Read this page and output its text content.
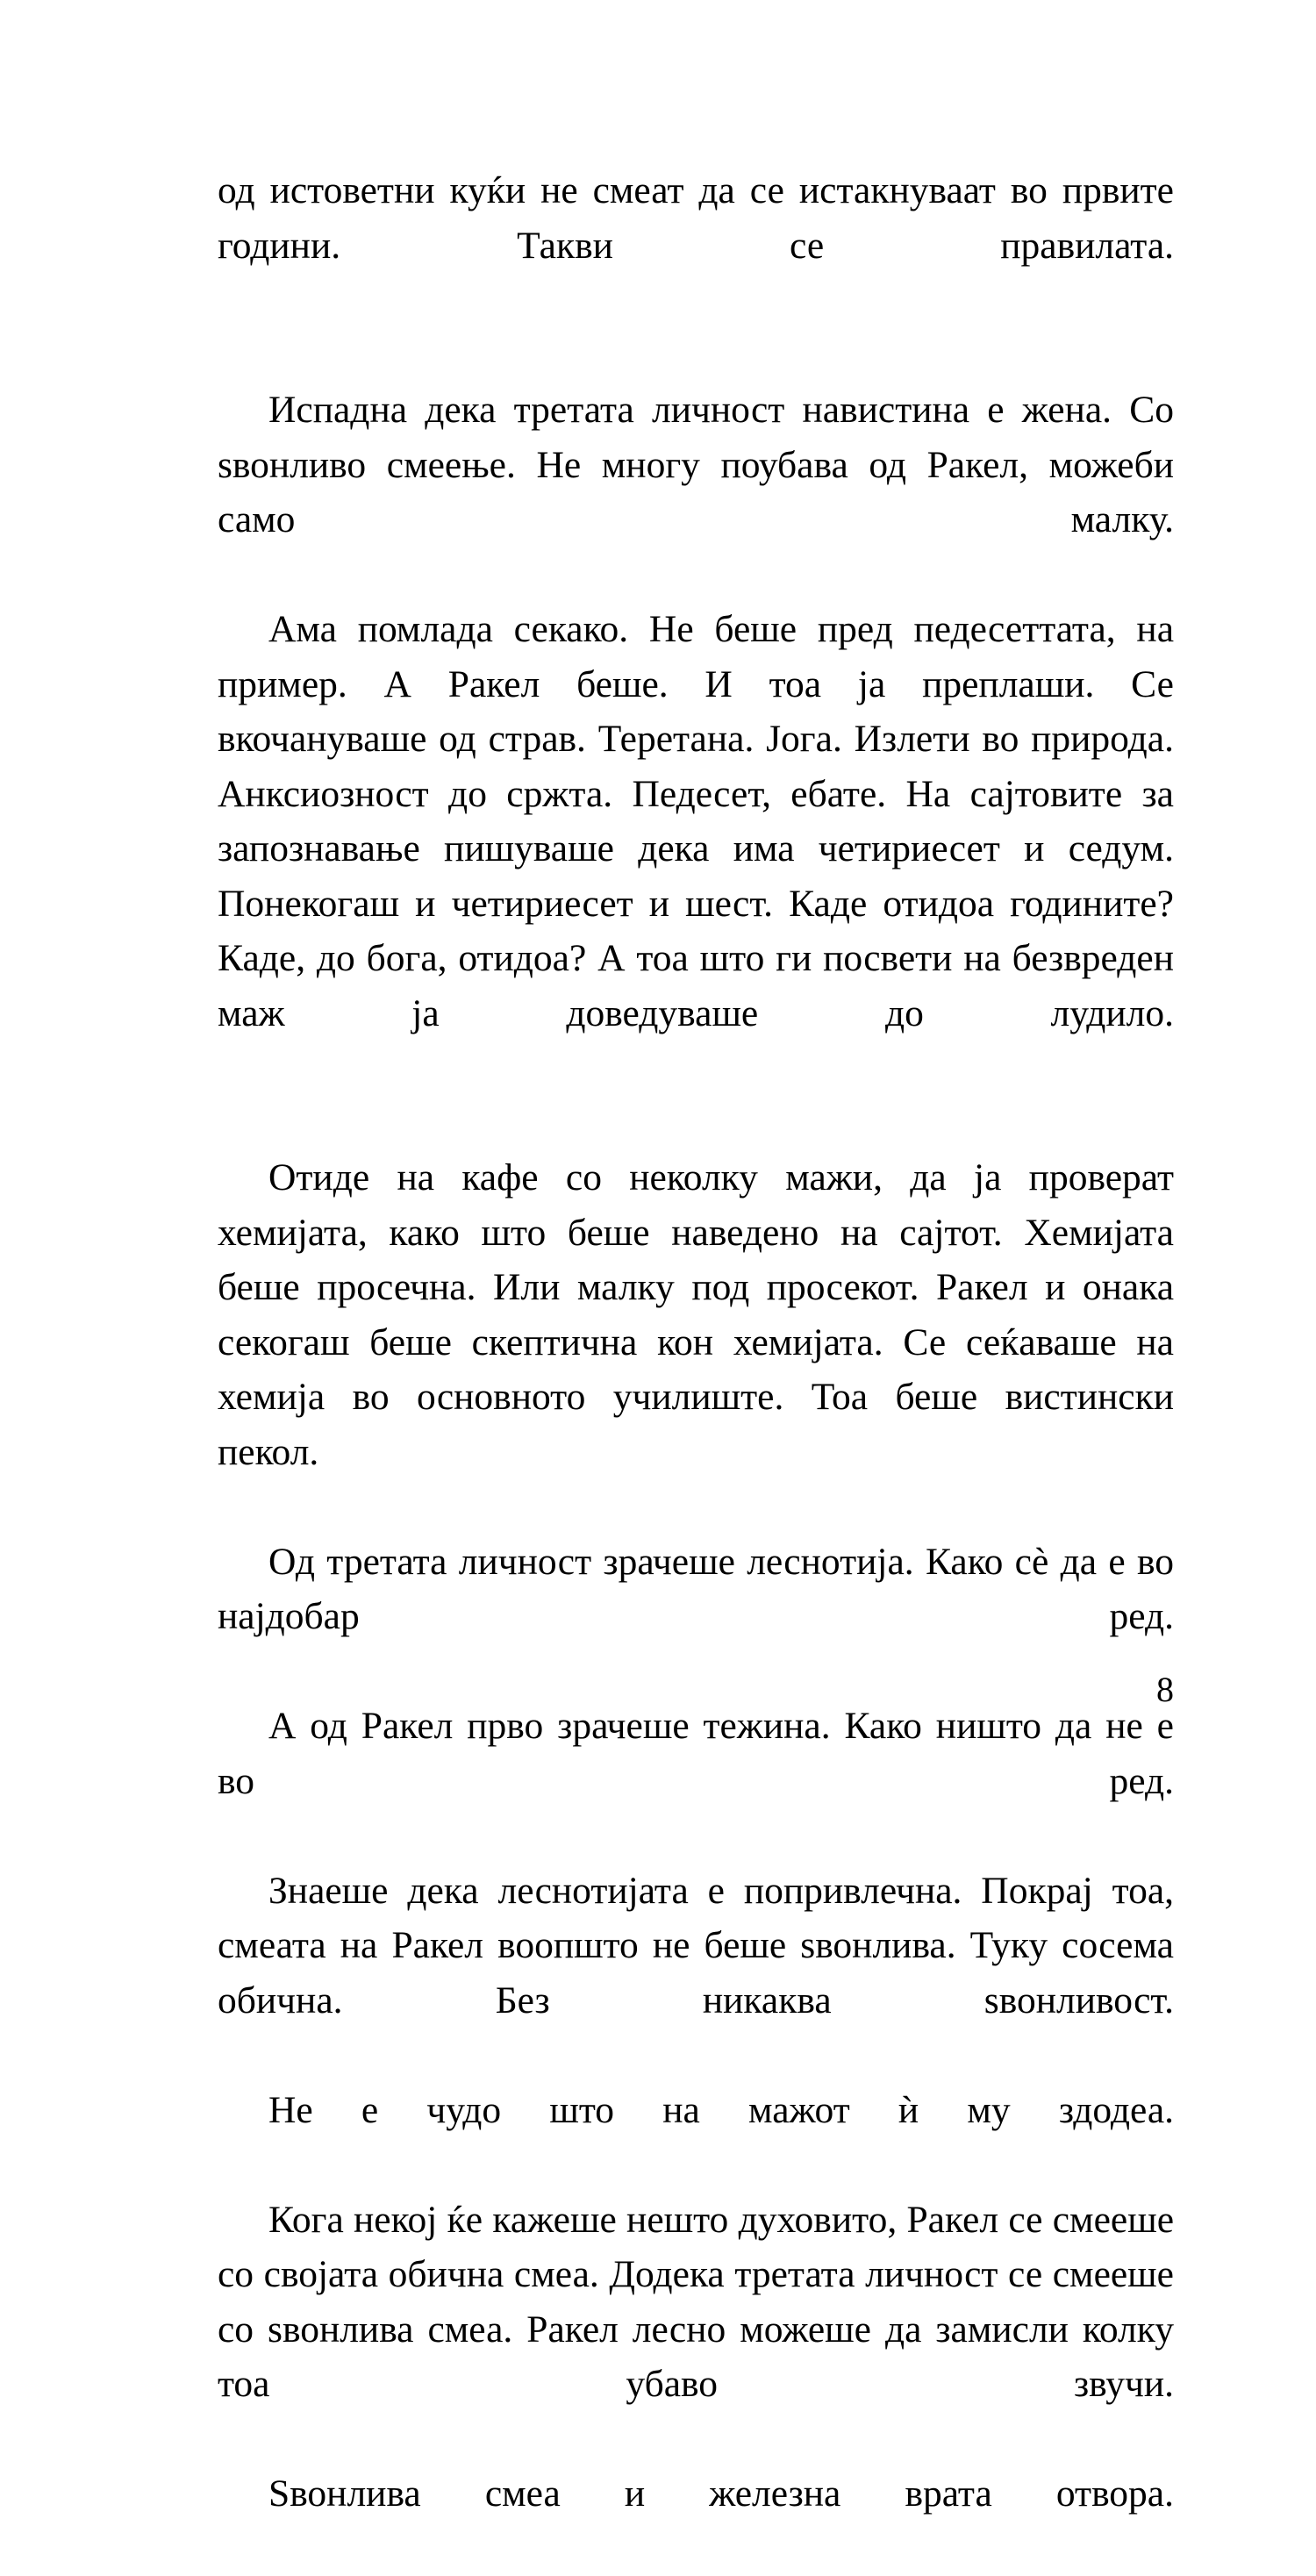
од истоветни куќи не смеат да се истакнуваат во првите години. Такви се правилата.

Испадна дека третата личност навистина е жена. Со ѕвонливо смеење. Не многу поубава од Ракел, можеби само малку.

Ама помлада секако. Не беше пред педесеттата, на пример. А Ракел беше. И тоа ја преплаши. Се вкочануваше од страв. Теретана. Јога. Излети во природа. Анксиозност до сржта. Педесет, ебате. На сајтовите за запознавање пишуваше дека има четириесет и седум. Понекогаш и четириесет и шест. Каде отидоа годините? Каде, до бога, отидоа? А тоа што ги посвети на безвреден маж ја доведуваше до лудило.

Отиде на кафе со неколку мажи, да ја проверат хемијата, како што беше наведено на сајтот. Хемијата беше просечна. Или малку под просекот. Ракел и онака секогаш беше скептична кон хемијата. Се сеќаваше на хемија во основното училиште. Тоа беше вистински пекол.

Од третата личност зрачеше леснотија. Како сѐ да е во најдобар ред.

А од Ракел прво зрачеше тежина. Како ништо да не е во ред.

Знаеше дека леснотијата е попривлечна. Покрај тоа, смеата на Ракел воопшто не беше ѕвонлива. Туку сосема обична. Без никаква ѕвонливост.

Не е чудо што на мажот ѝ му здодеа.

Кога некој ќе кажеше нешто духовито, Ракел се смееше со својата обична смеа. Додека третата личност се смееше со ѕвонлива смеа. Ракел лесно можеше да замисли колку тоа убаво звучи.

Ѕвонлива смеа и железна врата отвора.

8
